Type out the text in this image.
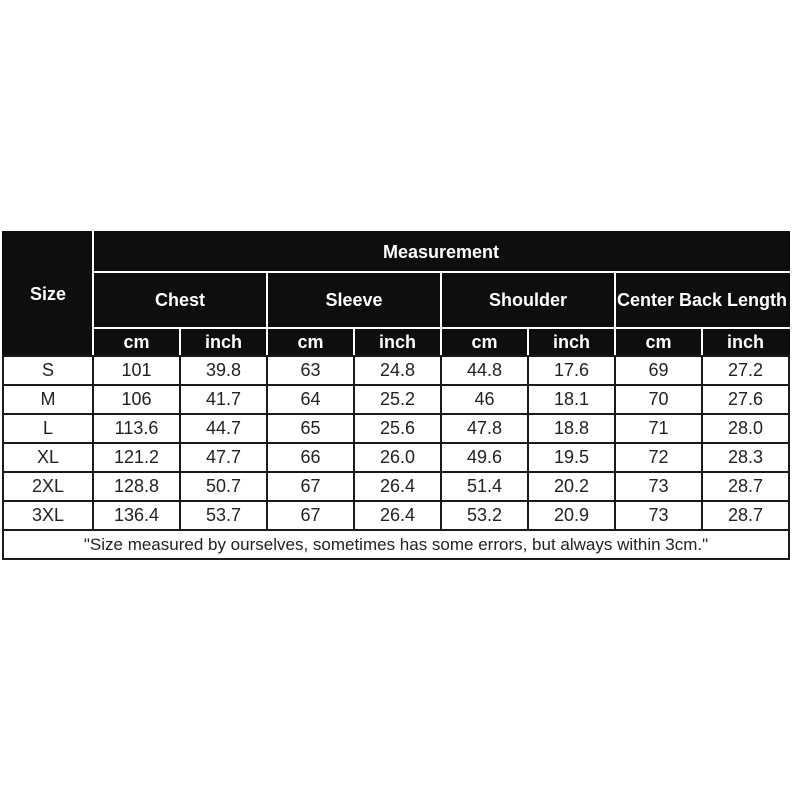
Size	Measurement							
	Chest		Sleeve		Shoulder		Center Back Length	
	cm	inch	cm	inch	cm	inch	cm	inch
S	101	39.8	63	24.8	44.8	17.6	69	27.2
M	106	41.7	64	25.2	46	18.1	70	27.6
L	113.6	44.7	65	25.6	47.8	18.8	71	28.0
XL	121.2	47.7	66	26.0	49.6	19.5	72	28.3
2XL	128.8	50.7	67	26.4	51.4	20.2	73	28.7
3XL	136.4	53.7	67	26.4	53.2	20.9	73	28.7
"Size measured by ourselves, sometimes has some errors, but always within 3cm."								
